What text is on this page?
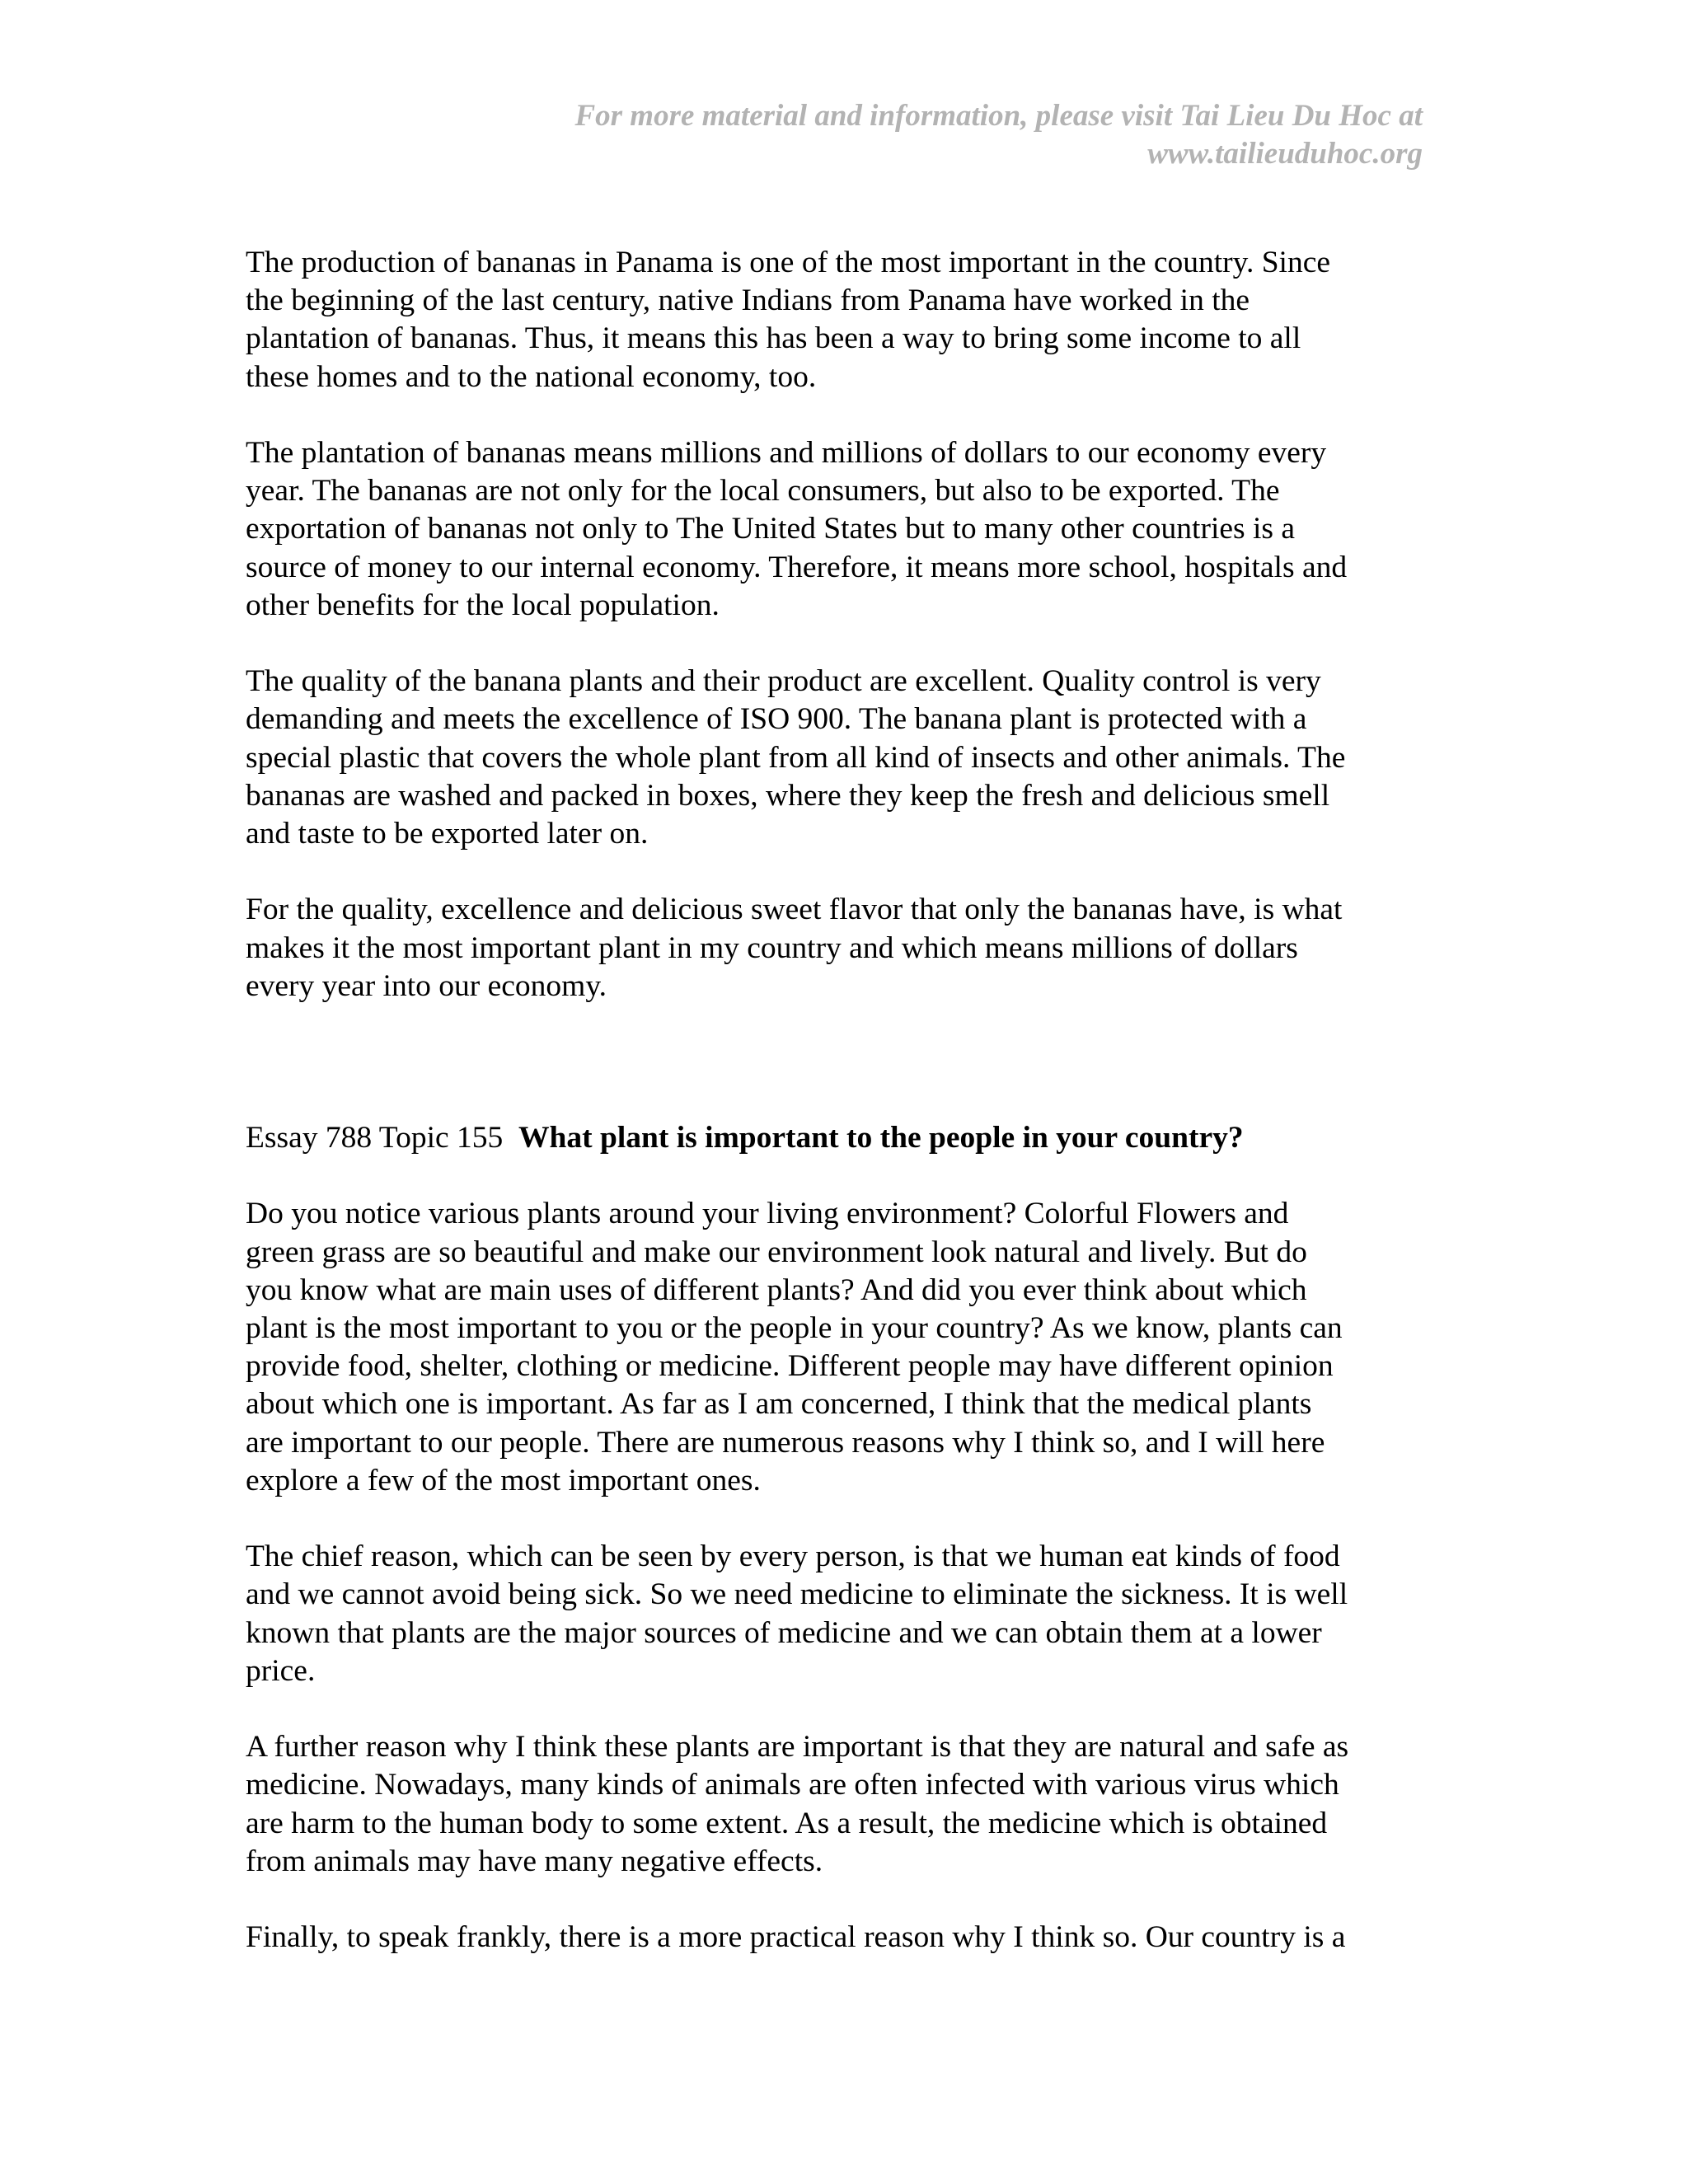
For more material and information, please visit Tai Lieu Du Hoc at
www.tailieuduhoc.org

The production of bananas in Panama is one of the most important in the country. Since
the beginning of the last century, native Indians from Panama have worked in the
plantation of bananas. Thus, it means this has been a way to bring some income to all
these homes and to the national economy, too.

The plantation of bananas means millions and millions of dollars to our economy every
year. The bananas are not only for the local consumers, but also to be exported. The
exportation of bananas not only to The United States but to many other countries is a
source of money to our internal economy. Therefore, it means more school, hospitals and
other benefits for the local population.

The quality of the banana plants and their product are excellent. Quality control is very
demanding and meets the excellence of ISO 900. The banana plant is protected with a
special plastic that covers the whole plant from all kind of insects and other animals. The
bananas are washed and packed in boxes, where they keep the fresh and delicious smell
and taste to be exported later on.

For the quality, excellence and delicious sweet flavor that only the bananas have, is what
makes it the most important plant in my country and which means millions of dollars
every year into our economy.

Essay 788 Topic 155 What plant is important to the people in your country?

Do you notice various plants around your living environment? Colorful Flowers and
green grass are so beautiful and make our environment look natural and lively. But do
you know what are main uses of different plants? And did you ever think about which
plant is the most important to you or the people in your country? As we know, plants can
provide food, shelter, clothing or medicine. Different people may have different opinion
about which one is important. As far as I am concerned, I think that the medical plants
are important to our people. There are numerous reasons why I think so, and I will here
explore a few of the most important ones.

The chief reason, which can be seen by every person, is that we human eat kinds of food
and we cannot avoid being sick. So we need medicine to eliminate the sickness. It is well
known that plants are the major sources of medicine and we can obtain them at a lower
price.

A further reason why I think these plants are important is that they are natural and safe as
medicine. Nowadays, many kinds of animals are often infected with various virus which
are harm to the human body to some extent. As a result, the medicine which is obtained
from animals may have many negative effects.

Finally, to speak frankly, there is a more practical reason why I think so. Our country is a
